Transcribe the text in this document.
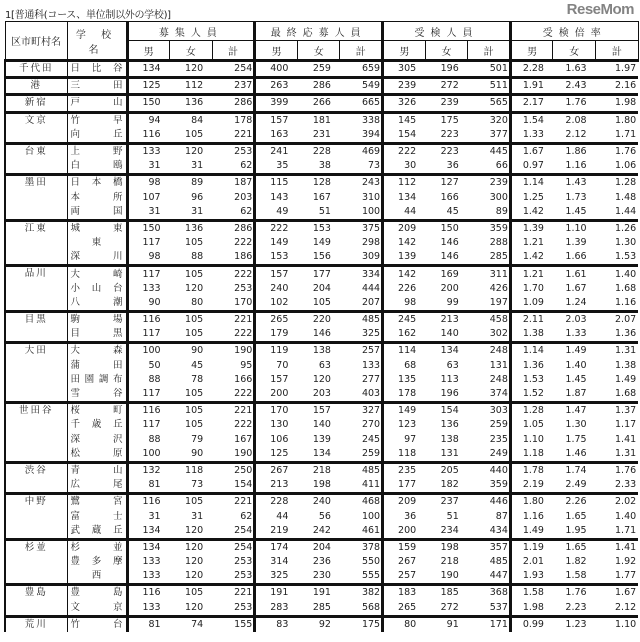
1[普通科(コース、単位制以外の学校)]	ReseMom
区市町村名	学 校 名	募集人員			最終応募人員			受検人員			受検倍率		
		男	女	計	男	女	計	男	女	計	男	女	計
千代田	日比谷	134	120	254	400	259	659	305	196	501	2.28	1.63	1.97
港	三田	125	112	237	263	286	549	239	272	511	1.91	2.43	2.16
新宿	戸山	150	136	286	399	266	665	326	239	565	2.17	1.76	1.98
文京	竹早	94	84	178	157	181	338	145	175	320	1.54	2.08	1.80

	向丘	116	105	221	163	231	394	154	223	377	1.33	2.12	1.71
台東	上野	133	120	253	241	228	469	222	223	445	1.67	1.86	1.76

	白鴎	31	31	62	35	38	73	30	36	66	0.97	1.16	1.06
墨田	日本橋	98	89	187	115	128	243	112	127	239	1.14	1.43	1.28

	本所	107	96	203	143	167	310	134	166	300	1.25	1.73	1.48

	両国	31	31	62	49	51	100	44	45	89	1.42	1.45	1.44
江東	城東	150	136	286	222	153	375	209	150	359	1.39	1.10	1.26

	東	117	105	222	149	149	298	142	146	288	1.21	1.39	1.30

	深川	98	88	186	153	156	309	139	146	285	1.42	1.66	1.53
品川	大崎	117	105	222	157	177	334	142	169	311	1.21	1.61	1.40

	小山台	133	120	253	240	204	444	226	200	426	1.70	1.67	1.68

	八潮	90	80	170	102	105	207	98	99	197	1.09	1.24	1.16
目黒	駒場	116	105	221	265	220	485	245	213	458	2.11	2.03	2.07

	目黒	117	105	222	179	146	325	162	140	302	1.38	1.33	1.36
大田	大森	100	90	190	119	138	257	114	134	248	1.14	1.49	1.31

	蒲田	50	45	95	70	63	133	68	63	131	1.36	1.40	1.38

	田園調布	88	78	166	157	120	277	135	113	248	1.53	1.45	1.49

	雪谷	117	105	222	200	203	403	178	196	374	1.52	1.87	1.68
世田谷	桜町	116	105	221	170	157	327	149	154	303	1.28	1.47	1.37

	千歳丘	117	105	222	130	140	270	123	136	259	1.05	1.30	1.17

	深沢	88	79	167	106	139	245	97	138	235	1.10	1.75	1.41

	松原	100	90	190	125	134	259	118	131	249	1.18	1.46	1.31
渋谷	青山	132	118	250	267	218	485	235	205	440	1.78	1.74	1.76

	広尾	81	73	154	213	198	411	177	182	359	2.19	2.49	2.33
中野	鷺宮	116	105	221	228	240	468	209	237	446	1.80	2.26	2.02

	富士	31	31	62	44	56	100	36	51	87	1.16	1.65	1.40

	武蔵丘	134	120	254	219	242	461	200	234	434	1.49	1.95	1.71
杉並	杉並	134	120	254	174	204	378	159	198	357	1.19	1.65	1.41

	豊多摩	133	120	253	314	236	550	267	218	485	2.01	1.82	1.92

	西	133	120	253	325	230	555	257	190	447	1.93	1.58	1.77
豊島	豊島	116	105	221	191	191	382	183	185	368	1.58	1.76	1.67

	文京	133	120	253	283	285	568	265	272	537	1.98	2.23	2.12
荒川	竹台	81	74	155	83	92	175	80	91	171	0.99	1.23	1.10
